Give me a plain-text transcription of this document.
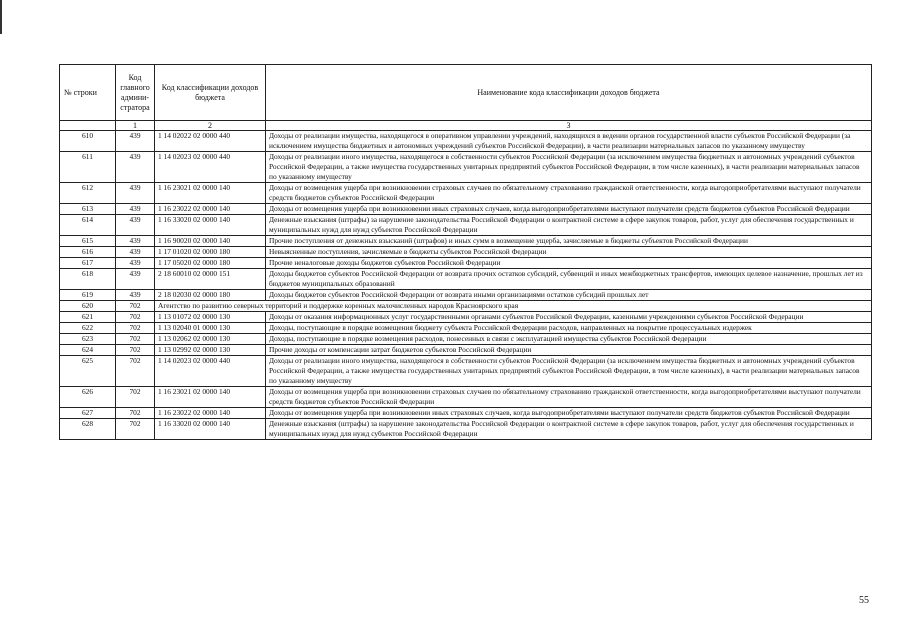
№ строки	Код главного админи-стратора	Код классификации доходов бюджета	Наименование кода классификации доходов бюджета
	1	2	3
610	439	1 14 02022 02 0000 440	Доходы от реализации имущества, находящегося в оперативном управлении учреждений, находящихся в ведении органов государственной власти субъектов Российской Федерации (за исключением имущества бюджетных и автономных учреждений субъектов Российской Федерации), в части реализации материальных запасов по указанному имуществу
611	439	1 14 02023 02 0000 440	Доходы от реализации иного имущества, находящегося в собственности субъектов Российской Федерации (за исключением имущества бюджетных и автономных учреждений субъектов Российской Федерации, а также имущества государственных унитарных предприятий субъектов Российской Федерации, в том числе казенных), в части реализации материальных запасов по указанному имуществу
612	439	1 16 23021 02 0000 140	Доходы от возмещения ущерба при возникновении страховых случаев по обязательному страхованию гражданской ответственности, когда выгодоприобретателями выступают получатели средств бюджетов субъектов Российской Федерации
613	439	1 16 23022 02 0000 140	Доходы от возмещения ущерба при возникновении иных страховых случаев, когда выгодоприобретателями выступают получатели средств бюджетов субъектов Российской Федерации
614	439	1 16 33020 02 0000 140	Денежные взыскания (штрафы) за нарушение законодательства Российской Федерации о контрактной системе в сфере закупок товаров, работ, услуг для обеспечения государственных и муниципальных нужд для нужд субъектов Российской Федерации
615	439	1 16 90020 02 0000 140	Прочие поступления от денежных взысканий (штрафов) и иных сумм в возмещение ущерба, зачисляемые в бюджеты субъектов Российской Федерации
616	439	1 17 01020 02 0000 180	Невыясненные поступления, зачисляемые в бюджеты субъектов Российской Федерации
617	439	1 17 05020 02 0000 180	Прочие неналоговые доходы бюджетов субъектов Российской Федерации
618	439	2 18 60010 02 0000 151	Доходы бюджетов субъектов Российской Федерации от возврата прочих остатков субсидий, субвенций и иных межбюджетных трансфертов, имеющих целевое назначение, прошлых лет из бюджетов муниципальных образований
619	439	2 18 02030 02 0000 180	Доходы бюджетов субъектов Российской Федерации от возврата иными организациями остатков субсидий прошлых лет
620	702	Агентство по развитию северных территорий и поддержке коренных малочисленных народов Красноярского края	
621	702	1 13 01072 02 0000 130	Доходы от оказания информационных услуг государственными органами субъектов Российской Федерации, казенными учреждениями субъектов Российской Федерации
622	702	1 13 02040 01 0000 130	Доходы, поступающие в порядке возмещения бюджету субъекта Российской Федерации расходов, направленных на покрытие процессуальных издержек
623	702	1 13 02062 02 0000 130	Доходы, поступающие в порядке возмещения расходов, понесенных в связи с эксплуатацией имущества субъектов Российской Федерации
624	702	1 13 02992 02 0000 130	Прочие доходы от компенсации затрат бюджетов субъектов Российской Федерации
625	702	1 14 02023 02 0000 440	Доходы от реализации иного имущества, находящегося в собственности субъектов Российской Федерации (за исключением имущества бюджетных и автономных учреждений субъектов Российской Федерации, а также имущества государственных унитарных предприятий субъектов Российской Федерации, в том числе казенных), в части реализации материальных запасов по указанному имуществу
626	702	1 16 23021 02 0000 140	Доходы от возмещения ущерба при возникновении страховых случаев по обязательному страхованию гражданской ответственности, когда выгодоприобретателями выступают получатели средств бюджетов субъектов Российской Федерации
627	702	1 16 23022 02 0000 140	Доходы от возмещения ущерба при возникновении иных страховых случаев, когда выгодоприобретателями выступают получатели средств бюджетов субъектов Российской Федерации
628	702	1 16 33020 02 0000 140	Денежные взыскания (штрафы) за нарушение законодательства Российской Федерации о контрактной системе в сфере закупок товаров, работ, услуг для обеспечения государственных и муниципальных нужд для нужд субъектов Российской Федерации
55
